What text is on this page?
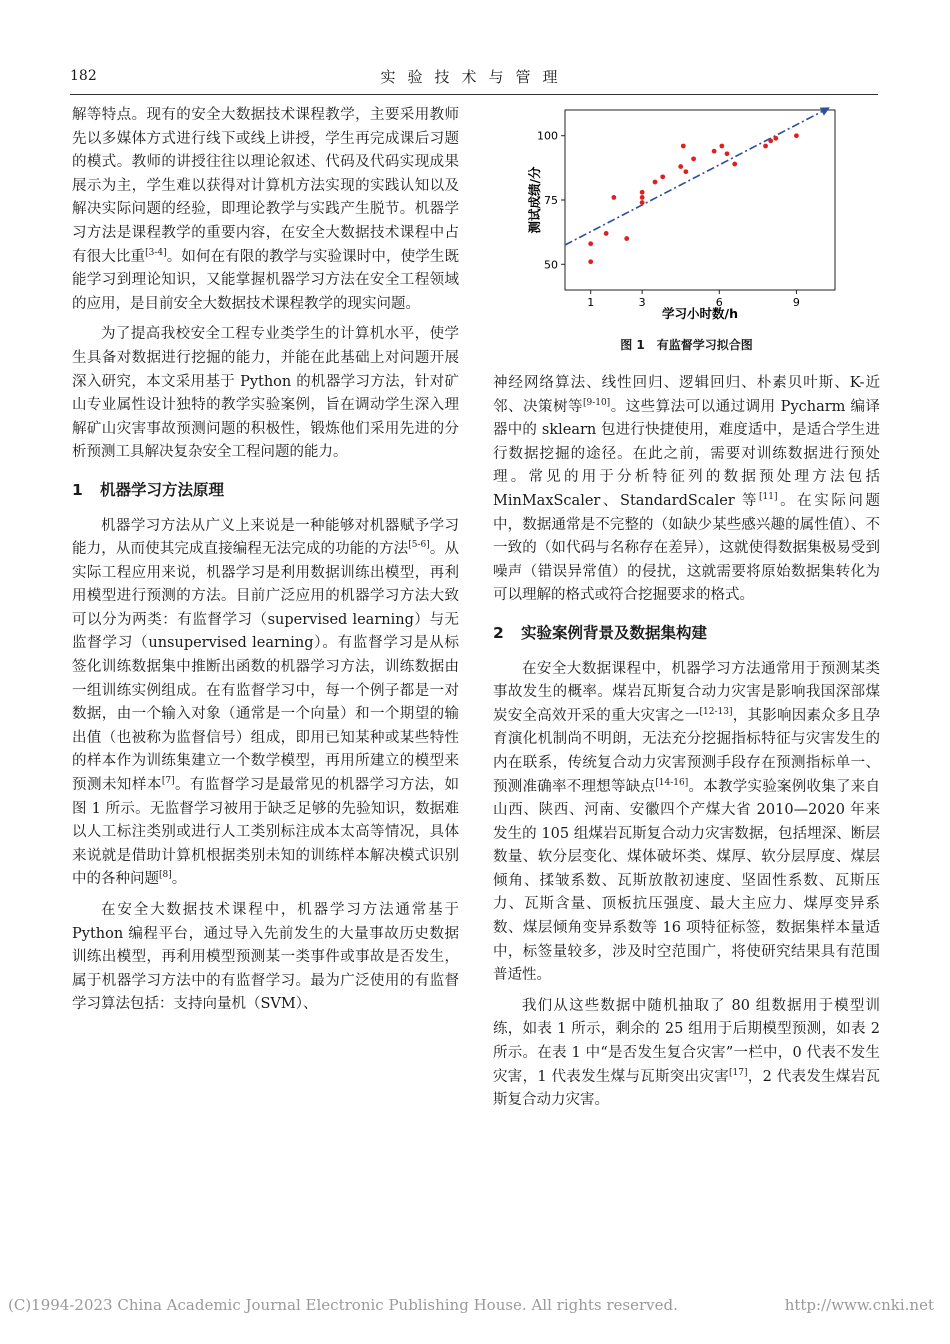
182	实验技术与管理

解等特点。现有的安全大数据技术课程教学，主要采用教师先以多媒体方式进行线下或线上讲授，学生再完成课后习题的模式。教师的讲授往往以理论叙述、代码及代码实现成果展示为主，学生难以获得对计算机方法实现的实践认知以及解决实际问题的经验，即理论教学与实践产生脱节。机器学习方法是课程教学的重要内容，在安全大数据技术课程中占有很大比重[3-4]。如何在有限的教学与实验课时中，使学生既能学习到理论知识，又能掌握机器学习方法在安全工程领域的应用，是目前安全大数据技术课程教学的现实问题。

为了提高我校安全工程专业类学生的计算机水平，使学生具备对数据进行挖掘的能力，并能在此基础上对问题开展深入研究，本文采用基于 Python 的机器学习方法，针对矿山专业属性设计独特的教学实验案例，旨在调动学生深入理解矿山灾害事故预测问题的积极性，锻炼他们采用先进的分析预测工具解决复杂安全工程问题的能力。

1 机器学习方法原理

机器学习方法从广义上来说是一种能够对机器赋予学习能力，从而使其完成直接编程无法完成的功能的方法[5-6]。从实际工程应用来说，机器学习是利用数据训练出模型，再利用模型进行预测的方法。目前广泛应用的机器学习方法大致可以分为两类：有监督学习（supervised learning）与无监督学习（unsupervised learning）。有监督学习是从标签化训练数据集中推断出函数的机器学习方法，训练数据由一组训练实例组成。在有监督学习中，每一个例子都是一对数据，由一个输入对象（通常是一个向量）和一个期望的输出值（也被称为监督信号）组成，即用已知某种或某些特性的样本作为训练集建立一个数学模型，再用所建立的模型来预测未知样本[7]。有监督学习是最常见的机器学习方法，如图 1 所示。无监督学习被用于缺乏足够的先验知识，数据难以人工标注类别或进行人工类别标注成本太高等情况，具体来说就是借助计算机根据类别未知的训练样本解决模式识别中的各种问题[8]。

在安全大数据技术课程中，机器学习方法通常基于 Python 编程平台，通过导入先前发生的大量事故历史数据训练出模型，再利用模型预测某一类事件或事故是否发生，属于机器学习方法中的有监督学习。最为广泛使用的有监督学习算法包括：支持向量机（SVM）、

50
75
100
1	3	6	9
学习小时数/h
测试成绩/分
图 1　有监督学习拟合图

神经网络算法、线性回归、逻辑回归、朴素贝叶斯、K-近邻、决策树等[9-10]。这些算法可以通过调用 Pycharm 编译器中的 sklearn 包进行快捷使用，难度适中，是适合学生进行数据挖掘的途径。在此之前，需要对训练数据进行预处理。常见的用于分析特征列的数据预处理方法包括 MinMaxScaler、StandardScaler 等[11]。在实际问题中，数据通常是不完整的（如缺少某些感兴趣的属性值）、不一致的（如代码与名称存在差异），这就使得数据集极易受到噪声（错误异常值）的侵扰，这就需要将原始数据集转化为可以理解的格式或符合挖掘要求的格式。

2 实验案例背景及数据集构建

在安全大数据课程中，机器学习方法通常用于预测某类事故发生的概率。煤岩瓦斯复合动力灾害是影响我国深部煤炭安全高效开采的重大灾害之一[12-13]，其影响因素众多且孕育演化机制尚不明朗，无法充分挖掘指标特征与灾害发生的内在联系，传统复合动力灾害预测手段存在预测指标单一、预测准确率不理想等缺点[14-16]。本教学实验案例收集了来自山西、陕西、河南、安徽四个产煤大省 2010—2020 年来发生的 105 组煤岩瓦斯复合动力灾害数据，包括埋深、断层数量、软分层变化、煤体破坏类、煤厚、软分层厚度、煤层倾角、揉皱系数、瓦斯放散初速度、坚固性系数、瓦斯压力、瓦斯含量、顶板抗压强度、最大主应力、煤厚变异系数、煤层倾角变异系数等 16 项特征标签，数据集样本量适中，标签量较多，涉及时空范围广，将使研究结果具有范围普适性。

我们从这些数据中随机抽取了 80 组数据用于模型训练，如表 1 所示，剩余的 25 组用于后期模型预测，如表 2 所示。在表 1 中“是否发生复合灾害”一栏中，0 代表不发生灾害，1 代表发生煤与瓦斯突出灾害[17]，2 代表发生煤岩瓦斯复合动力灾害。

(C)1994-2023 China Academic Journal Electronic Publishing House. All rights reserved.	http://www.cnki.net
